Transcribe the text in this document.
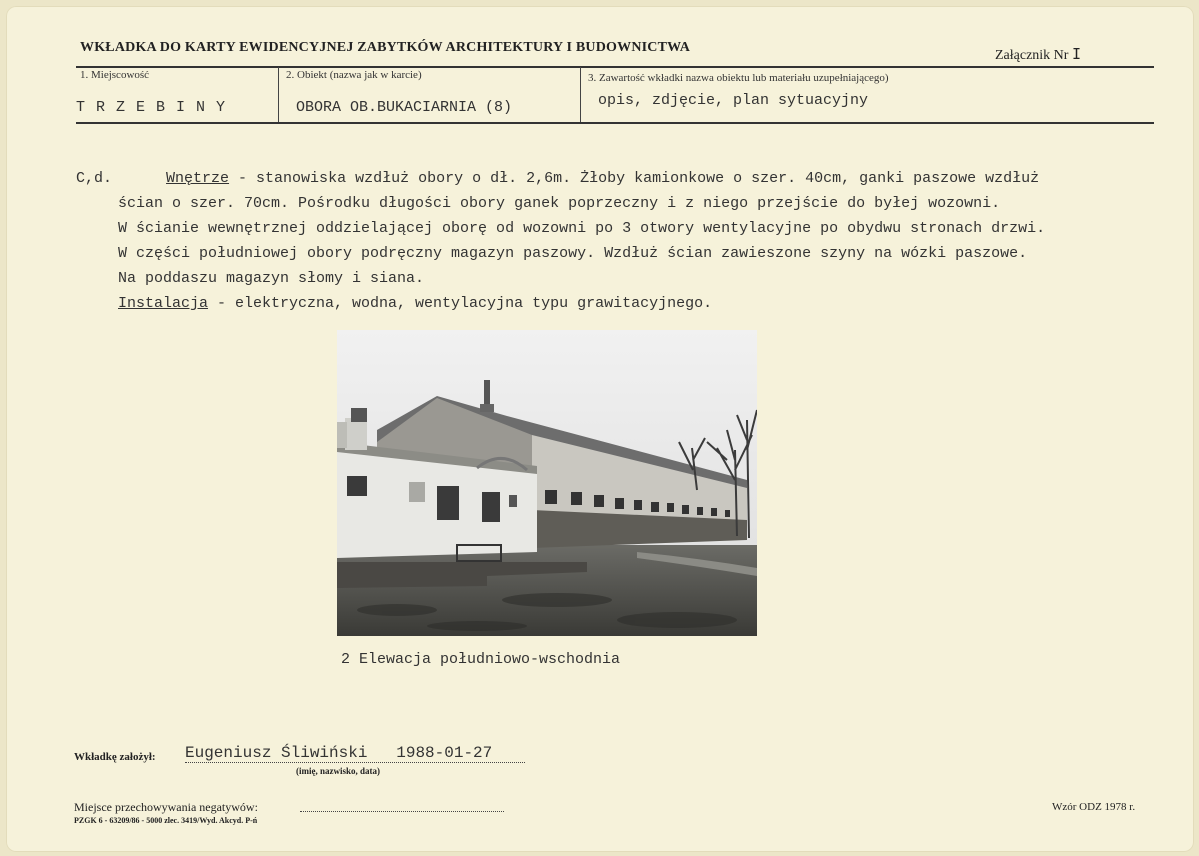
WKŁADKA DO KARTY EWIDENCYJNEJ ZABYTKÓW ARCHITEKTURY I BUDOWNICTWA
Załącznik Nr I
1. Miejscowość
T R Z E B I N Y
2. Obiekt (nazwa jak w karcie)
OBORA OB.BUKACIARNIA (8)
3. Zawartość wkładki nazwa obiektu lub materiału uzupełniającego)
opis, zdjęcie, plan sytuacyjny
C,d.	Wnętrze - stanowiska wzdłuż obory o dł. 2,6m. Żłoby kamionkowe o szer. 40cm, ganki paszowe wzdłuż
ścian o szer. 70cm. Pośrodku długości obory ganek poprzeczny i z niego przejście do byłej wozowni.
W ścianie wewnętrznej oddzielającej oborę od wozowni po 3 otwory wentylacyjne po obydwu stronach drzwi.
W części południowej obory podręczny magazyn paszowy. Wzdłuż ścian zawieszone szyny na wózki paszowe.
Na poddaszu magazyn słomy i siana.
Instalacja - elektryczna, wodna, wentylacyjna typu grawitacyjnego.
2 Elewacja południowo-wschodnia
Wkładkę założył: Eugeniusz Śliwiński   1988-01-27
(imię, nazwisko, data)
Miejsce przechowywania negatywów:
PZGK 6 - 63209/86 - 5000 zlec. 3419/Wyd. Akcyd. P-ń
Wzór ODZ 1978 r.
